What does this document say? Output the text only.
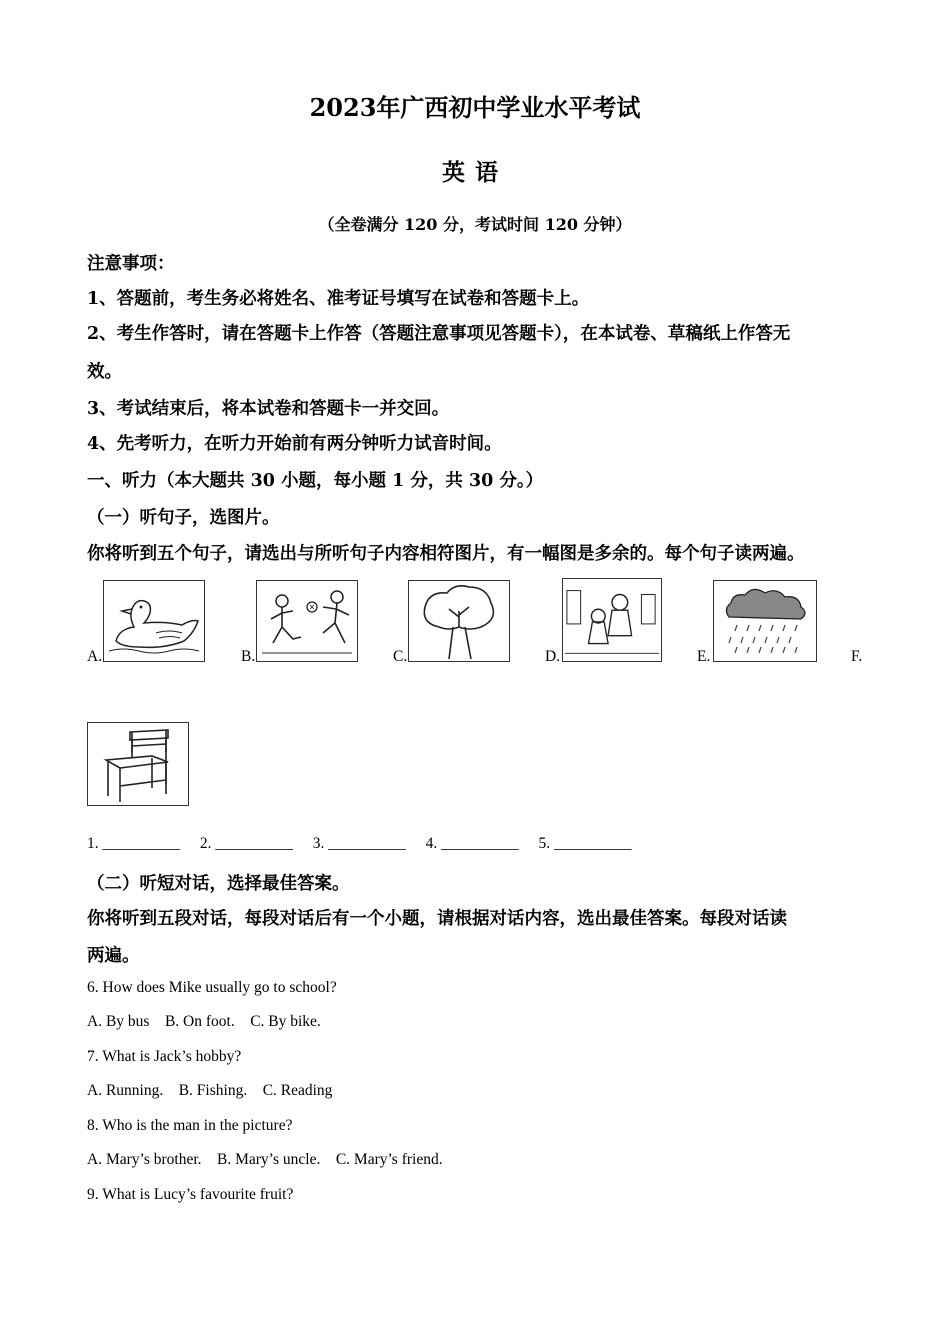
2023年广西初中学业水平考试
英语
（全卷满分 120 分，考试时间 120 分钟）
注意事项：
1、答题前，考生务必将姓名、准考证号填写在试卷和答题卡上。
2、考生作答时，请在答题卡上作答（答题注意事项见答题卡），在本试卷、草稿纸上作答无
效。
3、考试结束后，将本试卷和答题卡一并交回。
4、先考听力，在听力开始前有两分钟听力试音时间。
一、听力（本大题共 30 小题，每小题 1 分，共 30 分。）
（一）听句子，选图片。
你将听到五个句子，请选出与所听句子内容相符图片，有一幅图是多余的。每个句子读两遍。
A.	B.	C.	D.	E.	F.
1. __________ 2. __________ 3. __________ 4. __________ 5. __________
（二）听短对话，选择最佳答案。
你将听到五段对话，每段对话后有一个小题，请根据对话内容，选出最佳答案。每段对话读
两遍。
6. How does Mike usually go to school?
A. By bus    B. On foot.    C. By bike.
7. What is Jack’s hobby?
A. Running.    B. Fishing.    C. Reading
8. Who is the man in the picture?
A. Mary’s brother.    B. Mary’s uncle.    C. Mary’s friend.
9. What is Lucy’s favourite fruit?
